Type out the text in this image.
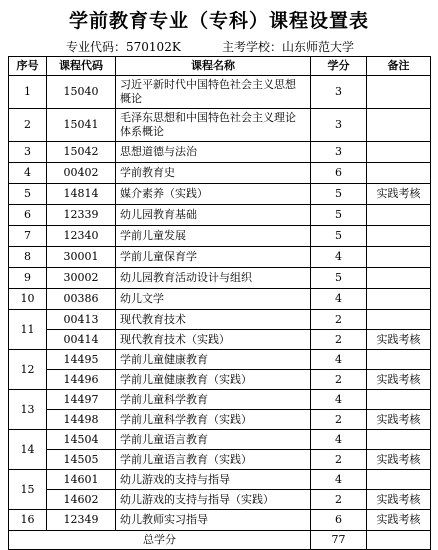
学前教育专业（专科）课程设置表
专业代码：570102K	主考学校：山东师范大学
序号	课程代码	课程名称	学分	备注
1	15040	习近平新时代中国特色社会主义思想概论	3	
2	15041	毛泽东思想和中国特色社会主义理论体系概论	3	
3	15042	思想道德与法治	3	
4	00402	学前教育史	6	
5	14814	媒介素养（实践）	5	实践考核
6	12339	幼儿园教育基础	5	
7	12340	学前儿童发展	5	
8	30001	学前儿童保育学	4	
9	30002	幼儿园教育活动设计与组织	5	
10	00386	幼儿文学	4	
11	00413	现代教育技术	2	
	00414	现代教育技术（实践）	2	实践考核
12	14495	学前儿童健康教育	4	
	14496	学前儿童健康教育（实践）	2	实践考核
13	14497	学前儿童科学教育	4	
	14498	学前儿童科学教育（实践）	2	实践考核
14	14504	学前儿童语言教育	4	
	14505	学前儿童语言教育（实践）	2	实践考核
15	14601	幼儿游戏的支持与指导	4	
	14602	幼儿游戏的支持与指导（实践）	2	实践考核
16	12349	幼儿教师实习指导	6	实践考核
总学分			77	
